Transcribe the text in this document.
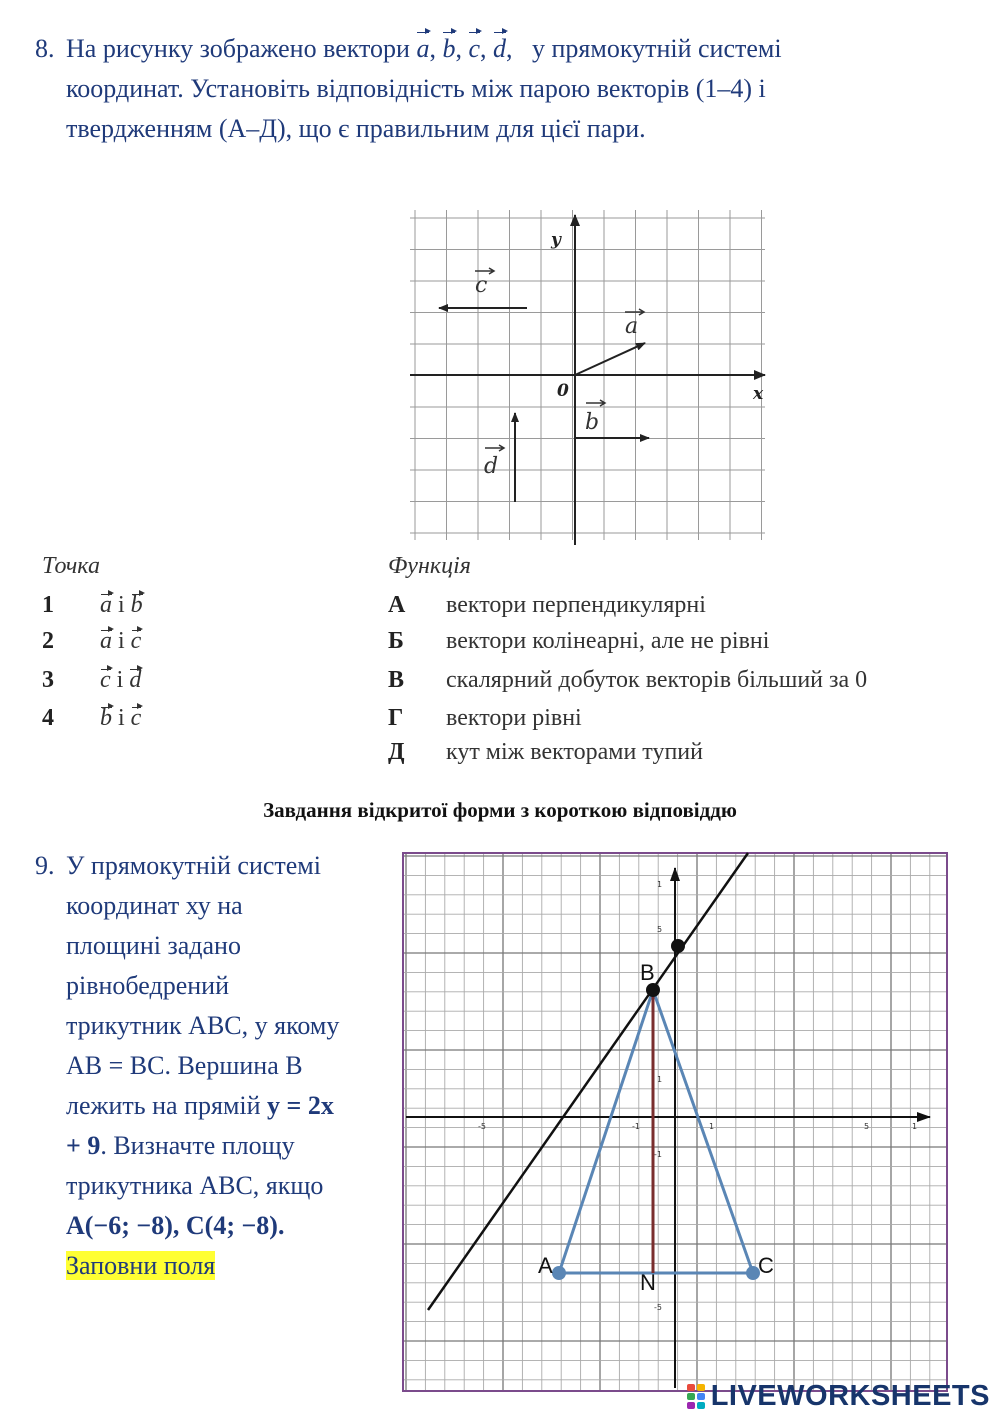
8. На рисунку зображено вектори a, b, c, d,   у прямокутній системі
координат. Установіть відповідність між парою векторів (1–4) і
твердженням (А–Д), що є правильним для цієї пари.
x
y
0
c
a
b
d
Точка	Функція
1 a і b
2 a і c
3 c і d
4 b і c
А вектори перпендикулярні
Б вектори колінеарні, але не рівні
В скалярний добуток векторів більший за 0
Г вектори рівні
Д кут між векторами тупий
Завдання відкритої форми з короткою відповіддю
9. У прямокутній системі
координат ху на
площині задано
рівнобедрений
трикутник ABC, у якому
AB = BC. Вершина B
лежить на прямій y = 2x
+ 9. Визначте площу
трикутника ABC, якщо
A(−6; −8), C(4; −8).
Заповни поля
-5	-1	1	5	1
1
5
1
-1
-5
A
B
C
N
LIVEWORKSHEETS
